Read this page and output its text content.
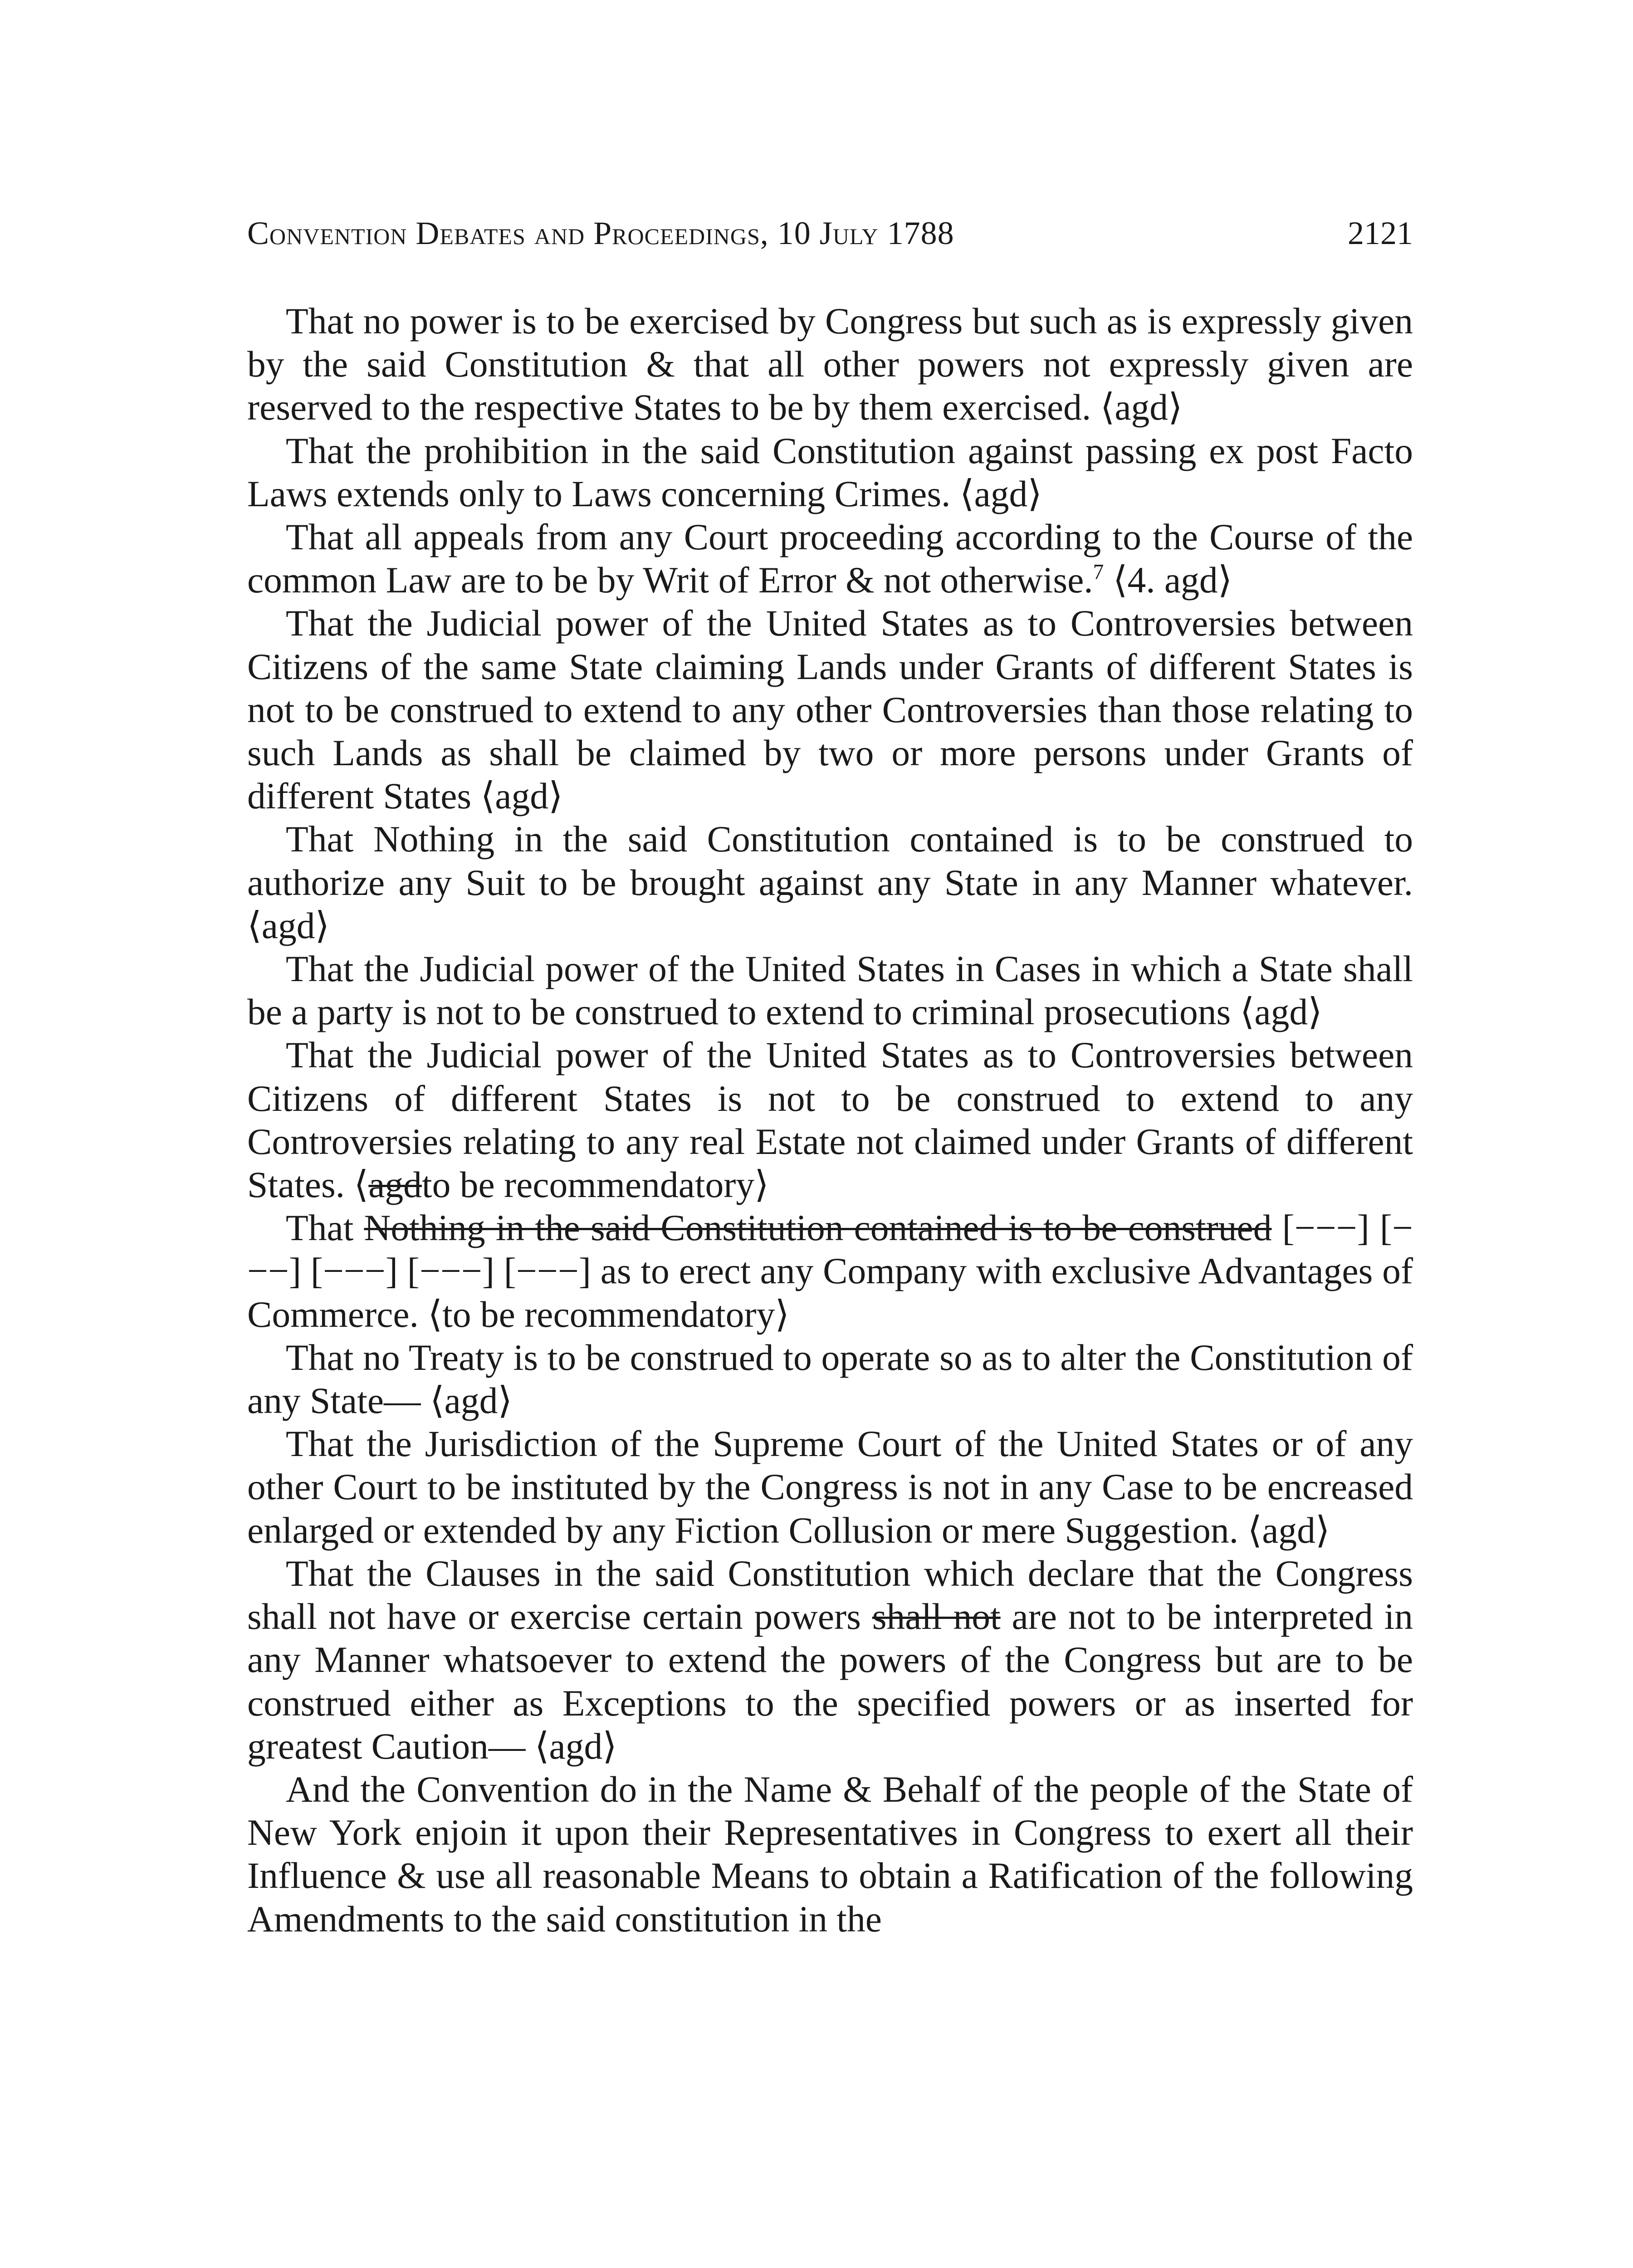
Convention Debates and Proceedings, 10 July 1788	2121

That no power is to be exercised by Congress but such as is expressly given by the said Constitution & that all other powers not expressly given are reserved to the respective States to be by them exercised. ⟨agd⟩

That the prohibition in the said Constitution against passing ex post Facto Laws extends only to Laws concerning Crimes. ⟨agd⟩

That all appeals from any Court proceeding according to the Course of the common Law are to be by Writ of Error & not otherwise.$^7$ ⟨4. agd⟩

That the Judicial power of the United States as to Controversies between Citizens of the same State claiming Lands under Grants of different States is not to be construed to extend to any other Controversies than those relating to such Lands as shall be claimed by two or more persons under Grants of different States ⟨agd⟩

That Nothing in the said Constitution contained is to be construed to authorize any Suit to be brought against any State in any Manner whatever. ⟨agd⟩

That the Judicial power of the United States in Cases in which a State shall be a party is not to be construed to extend to criminal prosecutions ⟨agd⟩

That the Judicial power of the United States as to Controversies between Citizens of different States is not to be construed to extend to any Controversies relating to any real Estate not claimed under Grants of different States. ⟨agdto be recommendatory⟩

That Nothing in the said Constitution contained is to be construed [−−−] [−−−] [−−−] [−−−] [−−−] as to erect any Company with exclusive Advantages of Commerce. ⟨to be recommendatory⟩

That no Treaty is to be construed to operate so as to alter the Constitution of any State— ⟨agd⟩

That the Jurisdiction of the Supreme Court of the United States or of any other Court to be instituted by the Congress is not in any Case to be encreased enlarged or extended by any Fiction Collusion or mere Suggestion. ⟨agd⟩

That the Clauses in the said Constitution which declare that the Congress shall not have or exercise certain powers shall not are not to be interpreted in any Manner whatsoever to extend the powers of the Congress but are to be construed either as Exceptions to the specified powers or as inserted for greatest Caution— ⟨agd⟩

And the Convention do in the Name & Behalf of the people of the State of New York enjoin it upon their Representatives in Congress to exert all their Influence & use all reasonable Means to obtain a Ratification of the following Amendments to the said constitution in the
